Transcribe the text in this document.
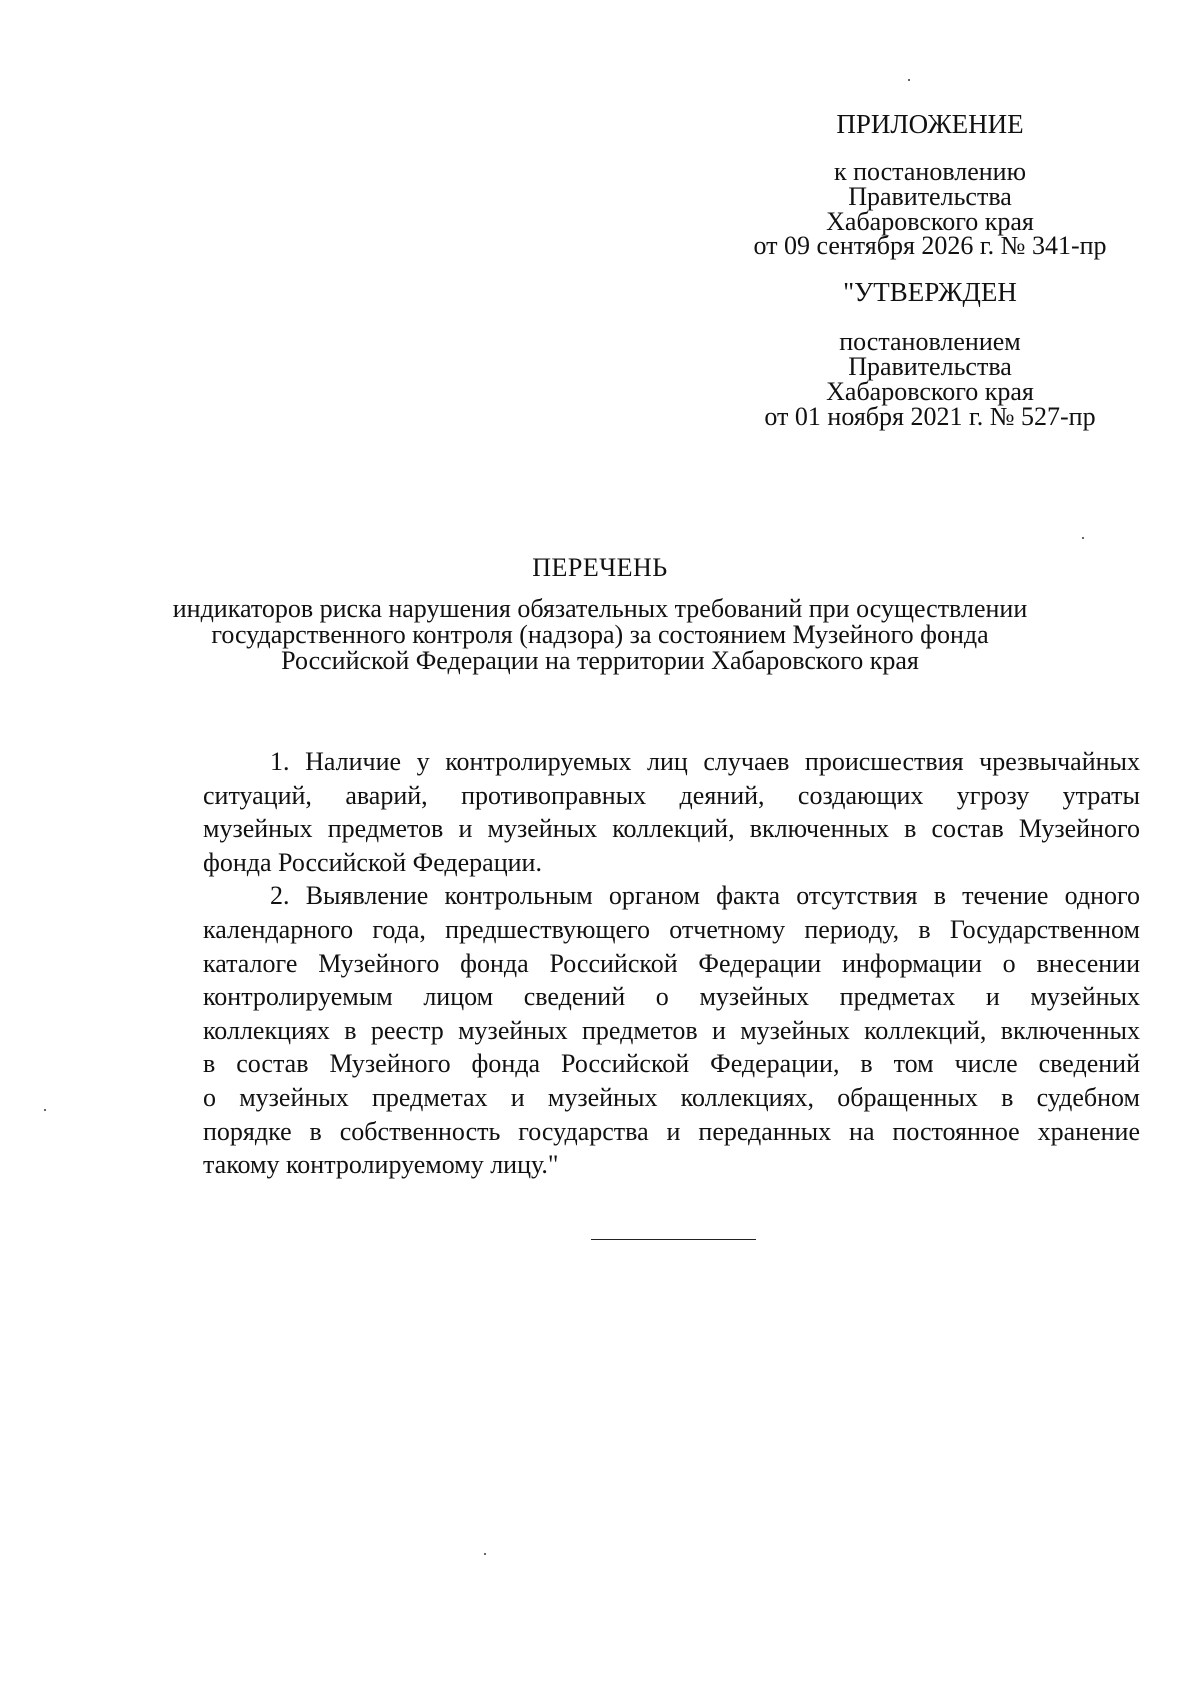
ПРИЛОЖЕНИЕ
к постановлению
Правительства
Хабаровского края
от 09 сентября 2026 г. № 341-пр
"УТВЕРЖДЕН
постановлением
Правительства
Хабаровского края
от 01 ноября 2021 г. № 527-пр
ПЕРЕЧЕНЬ
индикаторов риска нарушения обязательных требований при осуществлении
государственного контроля (надзора) за состоянием Музейного фонда
Российской Федерации на территории Хабаровского края
1. Наличие у контролируемых лиц случаев происшествия чрезвычайных
ситуаций, аварий, противоправных деяний, создающих угрозу утраты
музейных предметов и музейных коллекций, включенных в состав Музейного
фонда Российской Федерации.
2. Выявление контрольным органом факта отсутствия в течение одного
календарного года, предшествующего отчетному периоду, в Государственном
каталоге Музейного фонда Российской Федерации информации о внесении
контролируемым лицом сведений о музейных предметах и музейных
коллекциях в реестр музейных предметов и музейных коллекций, включенных
в состав Музейного фонда Российской Федерации, в том числе сведений
о музейных предметах и музейных коллекциях, обращенных в судебном
порядке в собственность государства и переданных на постоянное хранение
такому контролируемому лицу."
